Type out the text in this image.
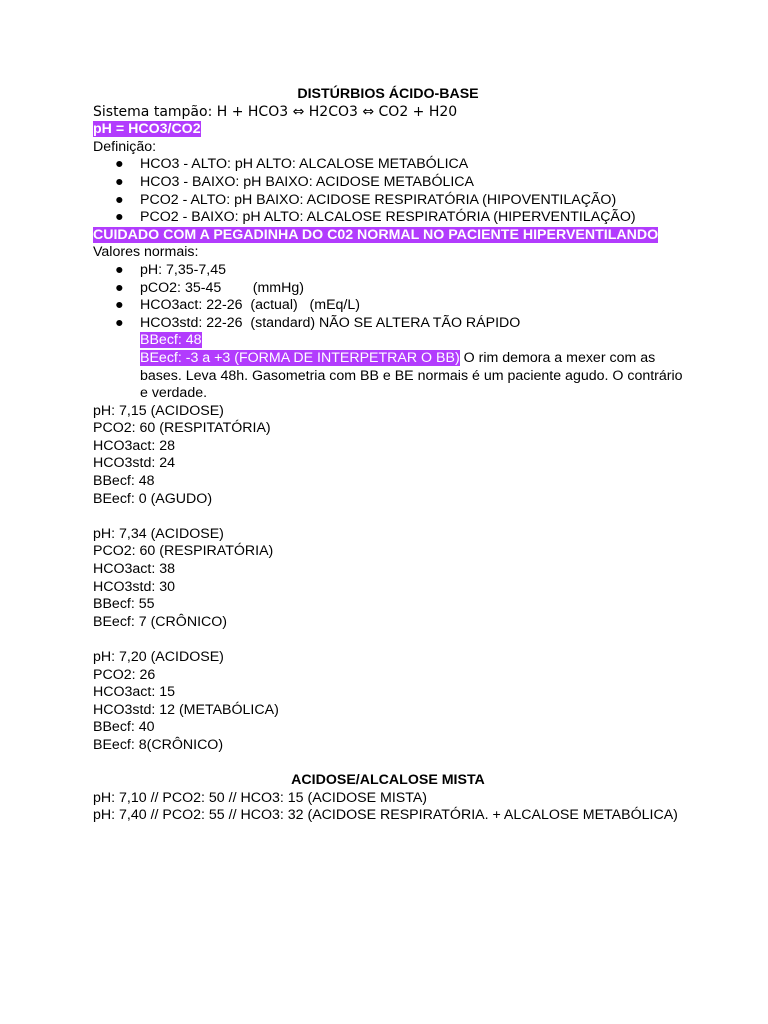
DISTÚRBIOS ÁCIDO-BASE

Sistema tampão: H + HCO3 ⇔ H2CO3 ⇔ CO2 + H20

pH = HCO3/CO2

Definição:

● HCO3 - ALTO: pH ALTO: ALCALOSE METABÓLICA
● HCO3 - BAIXO: pH BAIXO: ACIDOSE METABÓLICA
● PCO2 - ALTO: pH BAIXO: ACIDOSE RESPIRATÓRIA (HIPOVENTILAÇÃO)
● PCO2 - BAIXO: pH ALTO: ALCALOSE RESPIRATÓRIA (HIPERVENTILAÇÃO)

CUIDADO COM A PEGADINHA DO C02 NORMAL NO PACIENTE HIPERVENTILANDO

Valores normais:

● pH: 7,35-7,45
● pCO2: 35-45        (mmHg)
● HCO3act: 22-26  (actual)   (mEq/L)
● HCO3std: 22-26  (standard) NÃO SE ALTERA TÃO RÁPIDO

BBecf: 48

BEecf: -3 a +3 (FORMA DE INTERPETRAR O BB) O rim demora a mexer com as bases. Leva 48h. Gasometria com BB e BE normais é um paciente agudo. O contrário e verdade.

pH: 7,15 (ACIDOSE)

PCO2: 60 (RESPITATÓRIA)

HCO3act: 28

HCO3std: 24

BBecf: 48

BEecf: 0 (AGUDO)

pH: 7,34 (ACIDOSE)

PCO2: 60 (RESPIRATÓRIA)

HCO3act: 38

HCO3std: 30

BBecf: 55

BEecf: 7 (CRÔNICO)

pH: 7,20 (ACIDOSE)

PCO2: 26

HCO3act: 15

HCO3std: 12 (METABÓLICA)

BBecf: 40

BEecf: 8(CRÔNICO)

ACIDOSE/ALCALOSE MISTA

pH: 7,10 // PCO2: 50 // HCO3: 15 (ACIDOSE MISTA)

pH: 7,40 // PCO2: 55 // HCO3: 32 (ACIDOSE RESPIRATÓRIA. + ALCALOSE METABÓLICA)
